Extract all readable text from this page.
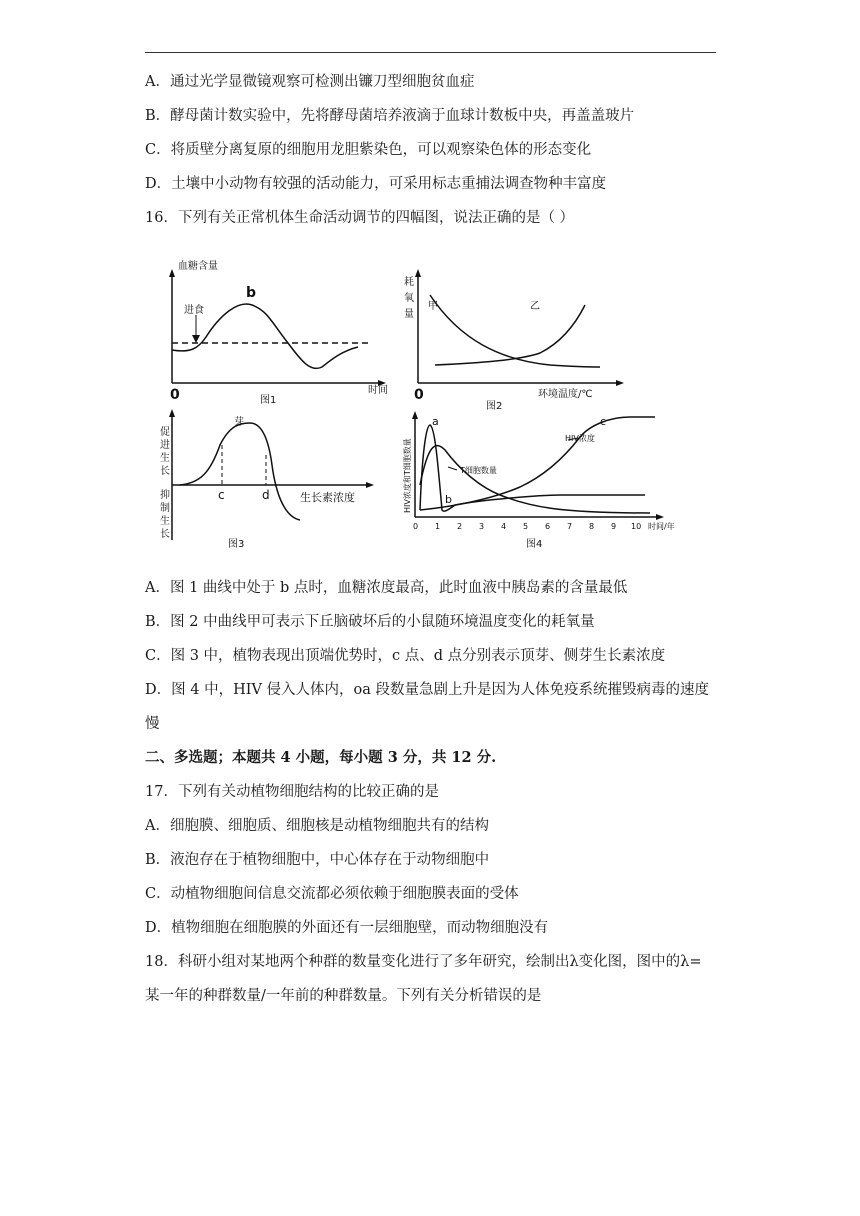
A．通过光学显微镜观察可检测出镰刀型细胞贫血症
B．酵母菌计数实验中，先将酵母菌培养液滴于血球计数板中央，再盖盖玻片
C．将质壁分离复原的细胞用龙胆紫染色，可以观察染色体的形态变化
D．土壤中小动物有较强的活动能力，可采用标志重捕法调查物种丰富度
16．下列有关正常机体生命活动调节的四幅图，说法正确的是（ ）
血糖含量
b
进食
0	时间
图1
耗
氧
量
甲	乙
0	环境温度/℃
图2
芽
促
进
生
长
抑
制
生
长
c	d	生长素浓度
图3
HIV浓度和T细胞数量
a
b
c
T细胞数量
HIV浓度
0 1 2 3 4 5 6 7 8 9 10 时间/年
图4
A．图 1 曲线中处于 b 点时，血糖浓度最高，此时血液中胰岛素的含量最低
B．图 2 中曲线甲可表示下丘脑破坏后的小鼠随环境温度变化的耗氧量
C．图 3 中，植物表现出顶端优势时，c 点、d 点分别表示顶芽、侧芽生长素浓度
D．图 4 中，HIV 侵入人体内，oa 段数量急剧上升是因为人体免疫系统摧毁病毒的速度
慢
二、多选题；本题共 4 小题，每小题 3 分，共 12 分.
17．下列有关动植物细胞结构的比较正确的是
A．细胞膜、细胞质、细胞核是动植物细胞共有的结构
B．液泡存在于植物细胞中，中心体存在于动物细胞中
C．动植物细胞间信息交流都必须依赖于细胞膜表面的受体
D．植物细胞在细胞膜的外面还有一层细胞壁，而动物细胞没有
18．科研小组对某地两个种群的数量变化进行了多年研究，绘制出λ变化图，图中的λ=
某一年的种群数量/一年前的种群数量。下列有关分析错误的是
